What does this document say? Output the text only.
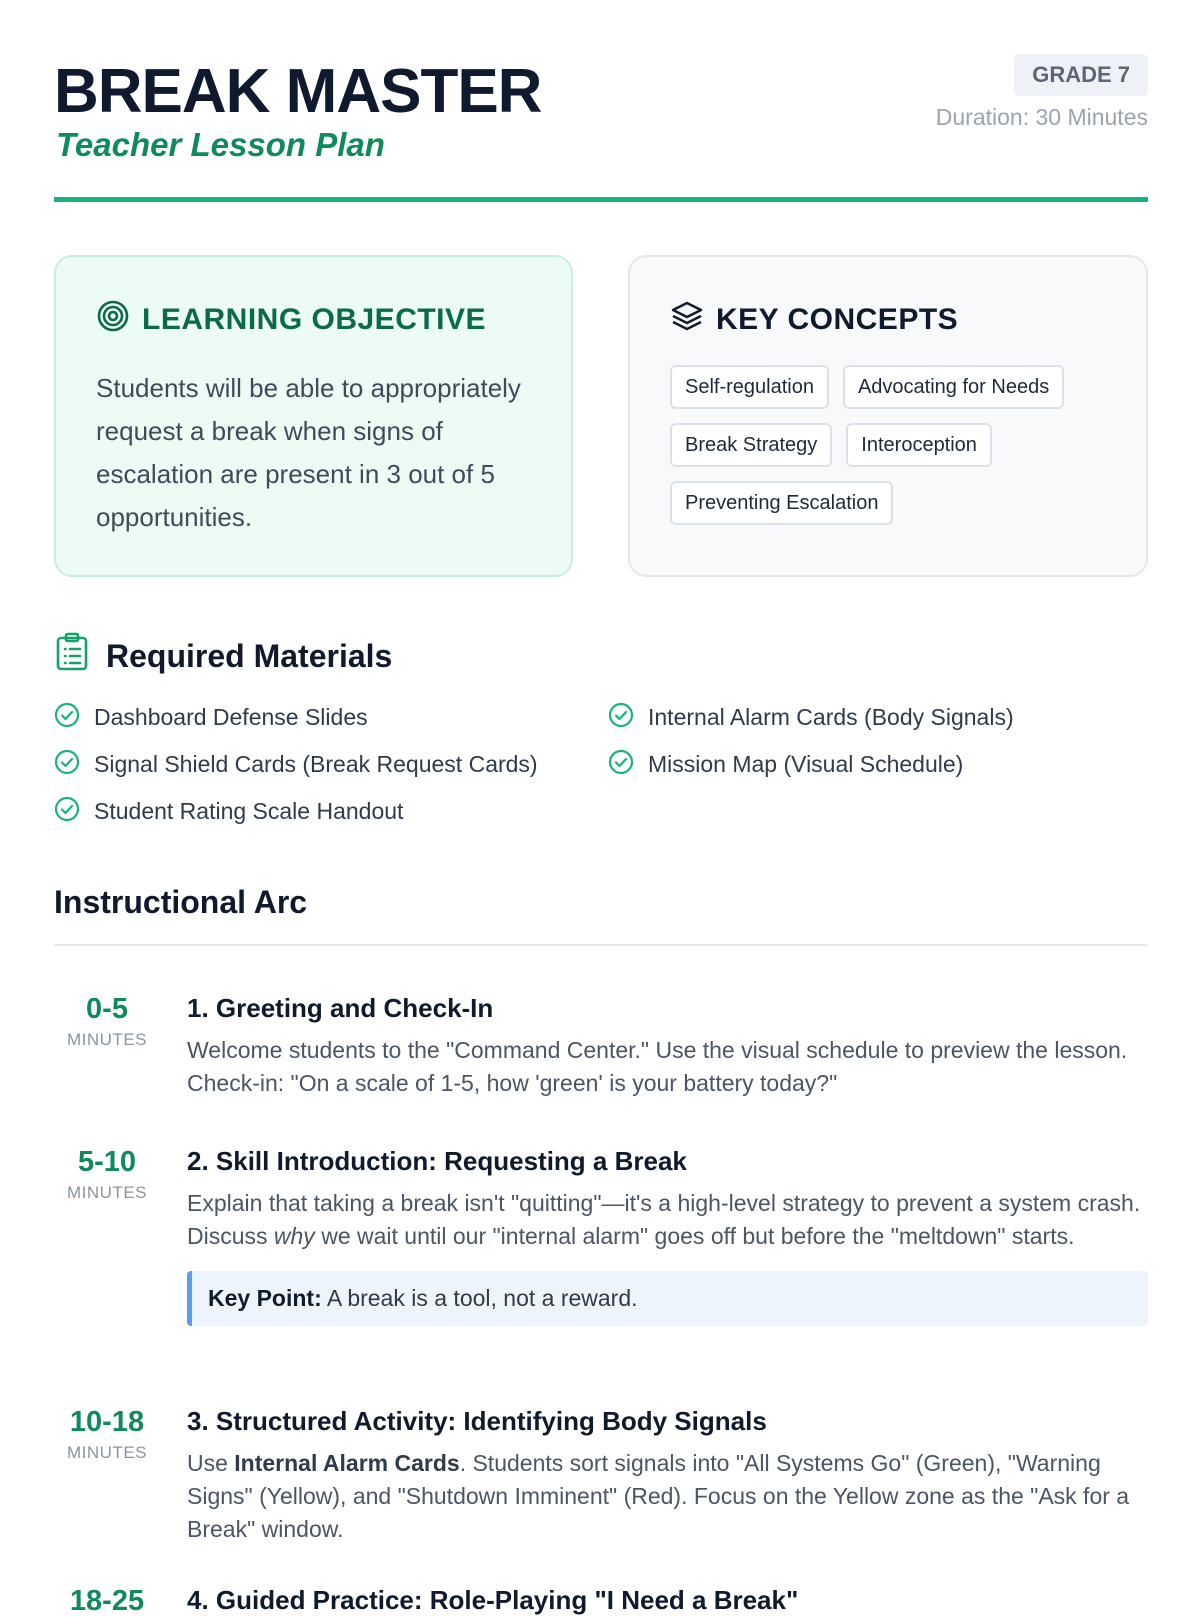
BREAK MASTER
Teacher Lesson Plan
GRADE 7
Duration: 30 Minutes
LEARNING OBJECTIVE

Students will be able to appropriately request a break when signs of escalation are present in 3 out of 5 opportunities.

KEY CONCEPTS
Self-regulation	Advocating for Needs
Break Strategy	Interoception
Preventing Escalation
Required Materials
Dashboard Defense Slides	Internal Alarm Cards (Body Signals)
Signal Shield Cards (Break Request Cards)	Mission Map (Visual Schedule)
Student Rating Scale Handout
Instructional Arc
0-5
MINUTES
1. Greeting and Check-In

Welcome students to the "Command Center." Use the visual schedule to preview the lesson. Check-in: "On a scale of 1-5, how 'green' is your battery today?"

5-10
MINUTES
2. Skill Introduction: Requesting a Break

Explain that taking a break isn't "quitting"—it's a high-level strategy to prevent a system crash. Discuss why we wait until our "internal alarm" goes off but before the "meltdown" starts.

Key Point: A break is a tool, not a reward.
10-18
MINUTES
3. Structured Activity: Identifying Body Signals

Use Internal Alarm Cards. Students sort signals into "All Systems Go" (Green), "Warning Signs" (Yellow), and "Shutdown Imminent" (Red). Focus on the Yellow zone as the "Ask for a Break" window.

18-25	4. Guided Practice: Role-Playing "I Need a Break"
